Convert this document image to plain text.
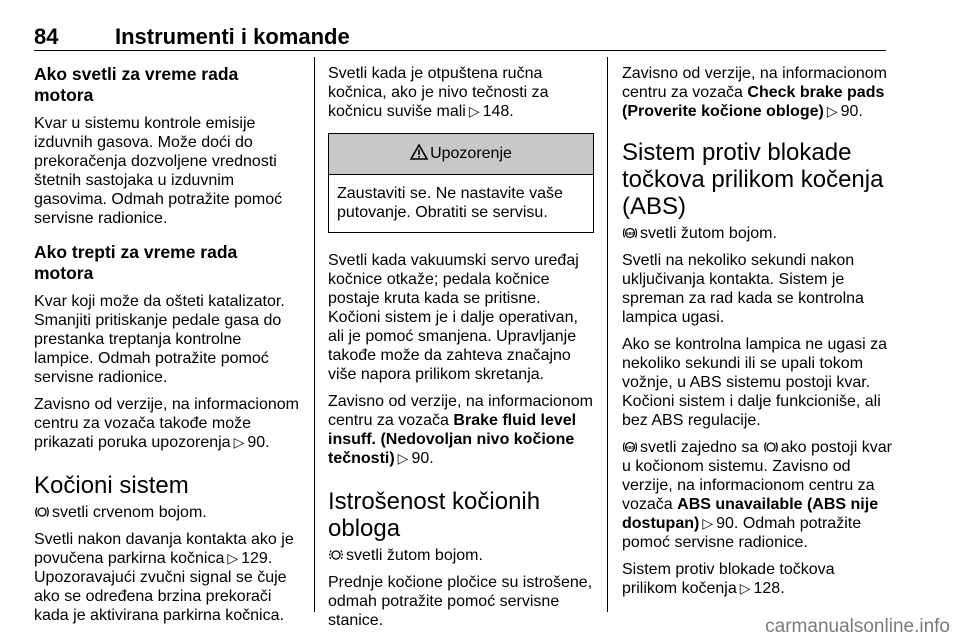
84	Instrumenti i komande
Ako svetli za vreme rada motora

Kvar u sistemu kontrole emisije izduvnih gasova. Može doći do prekoračenja dozvoljene vrednosti štetnih sastojaka u izduvnim gasovima. Odmah potražite pomoć servisne radionice.

Ako trepti za vreme rada motora

Kvar koji može da ošteti katalizator. Smanjiti pritiskanje pedale gasa do prestanka treptanja kontrolne lampice. Odmah potražite pomoć servisne radionice.

Zavisno od verzije, na informacionom centru za vozača takođe može prikazati poruka upozorenja ▷ 90.

Kočioni sistem

svetli crvenom bojom.

Svetli nakon davanja kontakta ako je povučena parkirna kočnica ▷ 129.
Upozoravajući zvučni signal se čuje ako se određena brzina prekorači kada je aktivirana parkirna kočnica.

Svetli kada je otpuštena ručna kočnica, ako je nivo tečnosti za kočnicu suviše mali ▷ 148.

Upozorenje
Zaustaviti se. Ne nastavite vaše putovanje. Obratiti se servisu.

Svetli kada vakuumski servo uređaj kočnice otkaže; pedala kočnice postaje kruta kada se pritisne. Kočioni sistem je i dalje operativan, ali je pomoć smanjena. Upravljanje takođe može da zahteva značajno više napora prilikom skretanja.

Zavisno od verzije, na informacionom centru za vozača Brake fluid level insuff. (Nedovoljan nivo kočione tečnosti) ▷ 90.

Istrošenost kočionih obloga

svetli žutom bojom.

Prednje kočione pločice su istrošene, odmah potražite pomoć servisne stanice.

Zavisno od verzije, na informacionom centru za vozača Check brake pads (Proverite kočione obloge) ▷ 90.

Sistem protiv blokade točkova prilikom kočenja (ABS)

ABS svetli žutom bojom.

Svetli na nekoliko sekundi nakon uključivanja kontakta. Sistem je spreman za rad kada se kontrolna lampica ugasi.

Ako se kontrolna lampica ne ugasi za nekoliko sekundi ili se upali tokom vožnje, u ABS sistemu postoji kvar. Kočioni sistem i dalje funkcioniše, ali bez ABS regulacije.

ABS svetli zajedno sa ako postoji kvar u kočionom sistemu. Zavisno od verzije, na informacionom centru za vozača ABS unavailable (ABS nije dostupan) ▷ 90. Odmah potražite pomoć servisne radionice.

Sistem protiv blokade točkova prilikom kočenja ▷ 128.

carmanualsonline.info
